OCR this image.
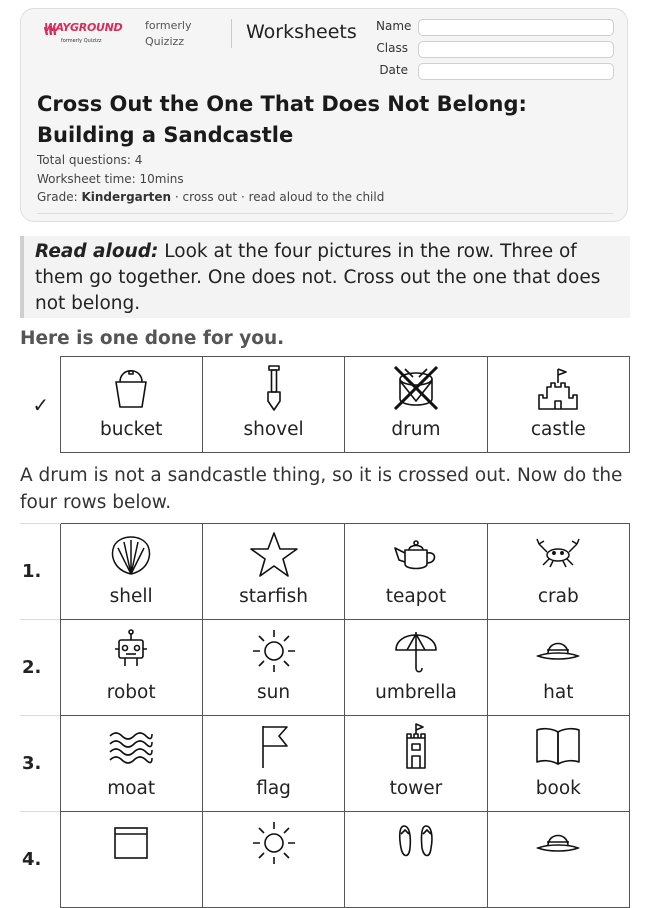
WAYGROUND
formerly Quizizz
formerly Quizizz	Worksheets Name
Class
Date
Cross Out the One That Does Not Belong: Building a Sandcastle
Total questions: 4
Worksheet time: 10mins
Grade: Kindergarten · cross out · read aloud to the child
Read aloud: Look at the four pictures in the row. Three of them go together. One does not. Cross out the one that does not belong.
Here is one done for you.
✓	
bucket	shovel	drum	castle
A drum is not a sandcastle thing, so it is crossed out. Now do the four rows below.
1.	shell	starfish	teapot	crab

2.	robot	sun	umbrella	hat

3.	moat	flag	tower	book

4.	
